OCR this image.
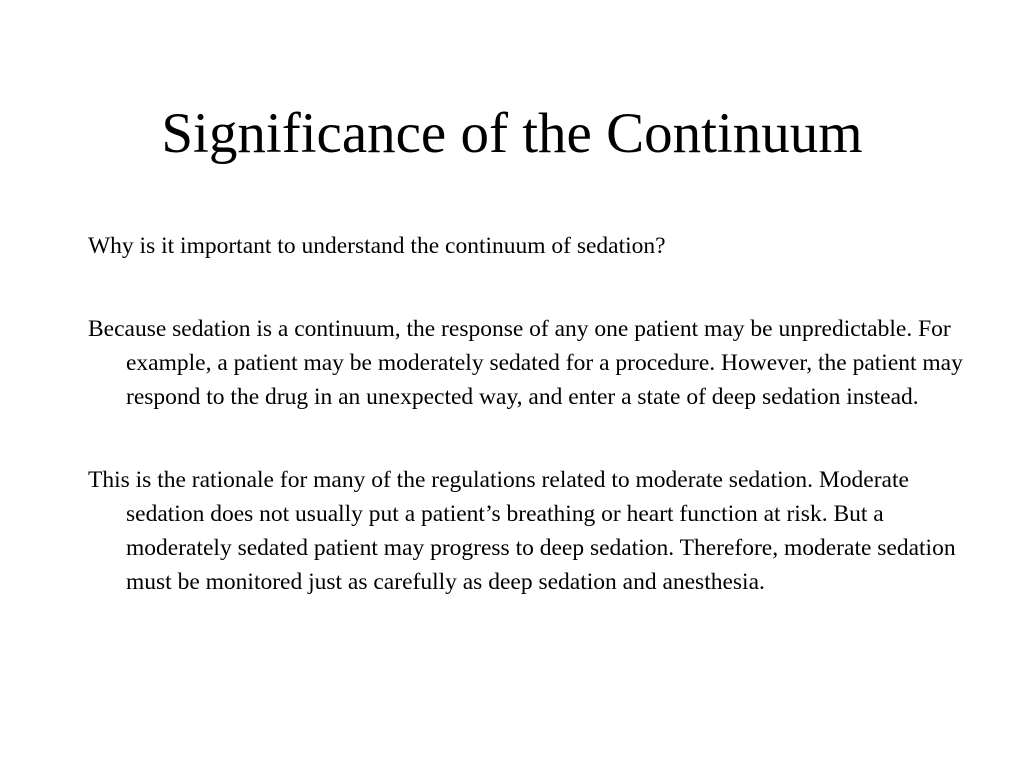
Significance of the Continuum

Why is it important to understand the continuum of sedation?

Because sedation is a continuum, the response of any one patient may be unpredictable. For example, a patient may be moderately sedated for a procedure. However, the patient may respond to the drug in an unexpected way, and enter a state of deep sedation instead.

This is the rationale for many of the regulations related to moderate sedation. Moderate sedation does not usually put a patient’s breathing or heart function at risk. But a moderately sedated patient may progress to deep sedation. Therefore, moderate sedation must be monitored just as carefully as deep sedation and anesthesia.
